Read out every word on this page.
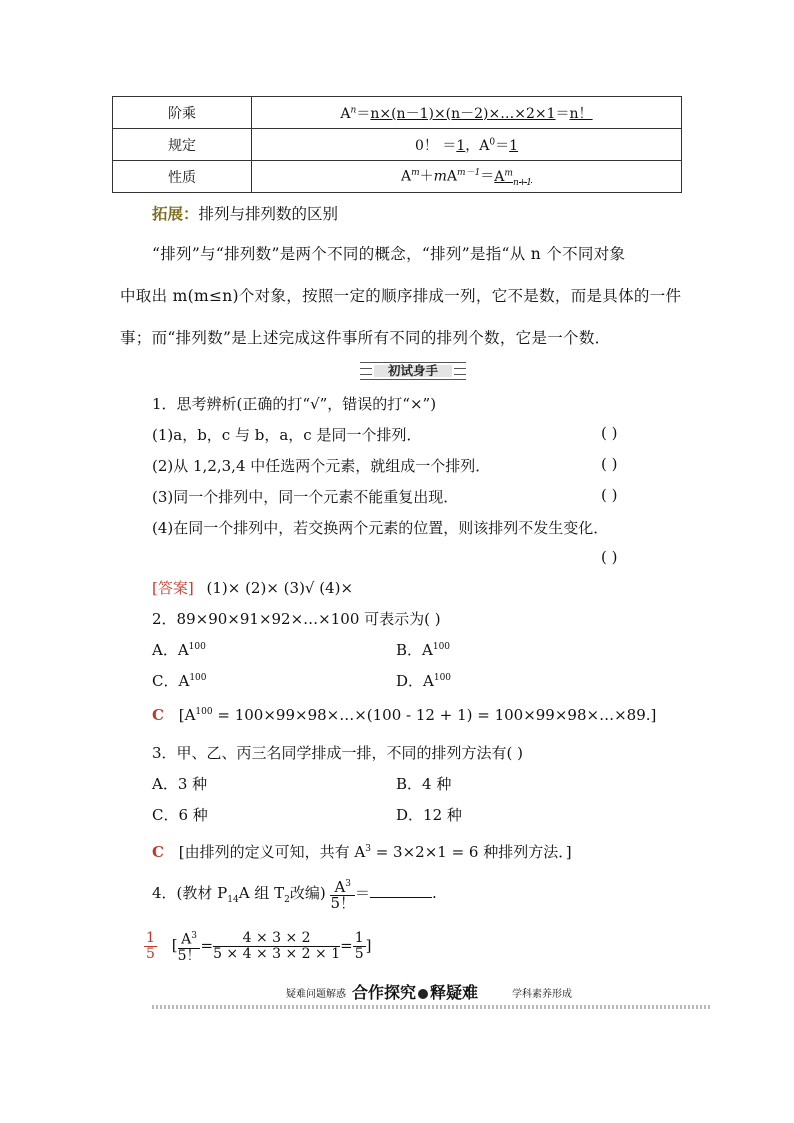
阶乘	$A^n=n\times(n-1)\times(n-2)\times\dots\times 2\times 1=n$！
规定	0！ ＝1，$A^0=1$
性质	$A^m+mA^{m-1}=A^m_{n+1}$
拓展：排列与排列数的区别
“排列”与“排列数”是两个不同的概念，“排列”是指“从 n 个不同对象
中取出 m(m≤n)个对象，按照一定的顺序排成一列，它不是数，而是具体的一件
事；而“排列数”是上述完成这件事所有不同的排列个数，它是一个数．
初试身手
1．思考辨析(正确的打“√”，错误的打“×”)
(1)a，b，c 与 b，a，c 是同一个排列．	( )
(2)从 1,2,3,4 中任选两个元素，就组成一个排列．	( )
(3)同一个排列中，同一个元素不能重复出现．	( )
(4)在同一个排列中，若交换两个元素的位置，则该排列不发生变化．
( )
[答案] (1)× (2)× (3)√ (4)×
2．89×90×91×92×…×100 可表示为( )
A．$A^{100}$	B．$A^{100}$
C．$A^{100}$	D．$A^{100}$
C [$A^{100}$ = 100×99×98×…×(100 - 12 + 1) = 100×99×98×…×89.]
3．甲、乙、丙三名同学排成一排，不同的排列方法有( )
A．3 种	B．4 种
C．6 种	D．12 种
C [由排列的定义可知，共有 $A^3 = 3\times 2\times 1 = 6$ 种排列方法．]
4．(教材 $P_{14}A$ 组 $T_2$改编) $\frac{A^3}{5!}$ ＝	.
$\frac{1}{5}$ [ $\frac{A^3}{5!} = \frac{4 \times 3 \times 2}{5 \times 4 \times 3 \times 2 \times 1} = \frac{1}{5}$ ]
疑难问题解惑 合作探究 释疑难	学科素养形成
